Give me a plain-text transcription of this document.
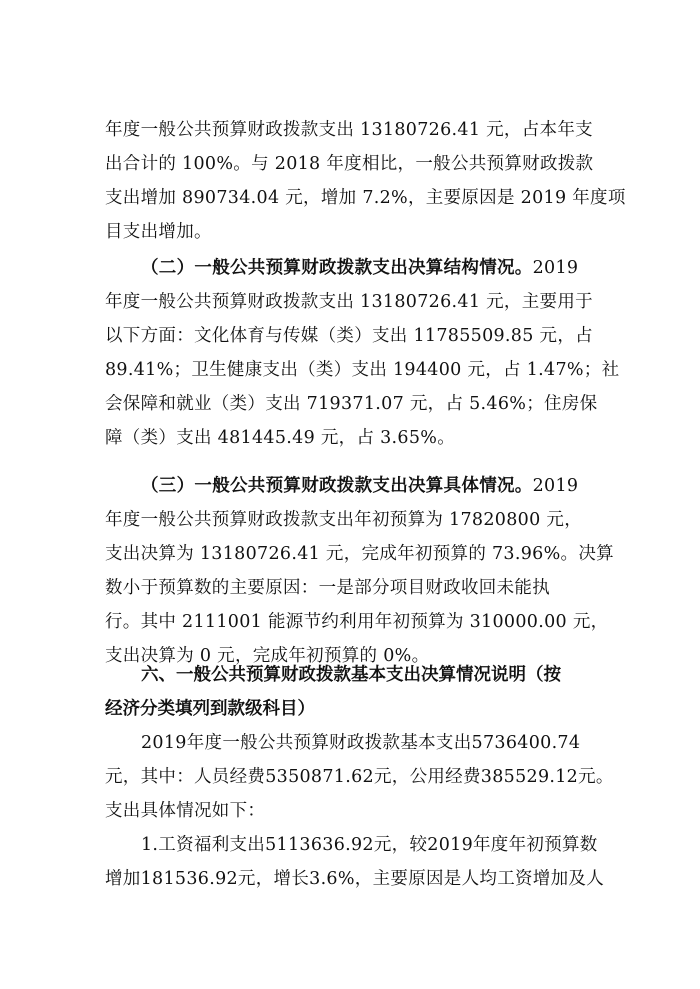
年度一般公共预算财政拨款支出 13180726.41 元，占本年支
出合计的 100%。与 2018 年度相比，一般公共预算财政拨款
支出增加 890734.04 元，增加 7.2%，主要原因是 2019 年度项
目支出增加。
（二）一般公共预算财政拨款支出决算结构情况。2019
年度一般公共预算财政拨款支出 13180726.41 元，主要用于
以下方面：文化体育与传媒（类）支出 11785509.85 元，占
89.41%；卫生健康支出（类）支出 194400 元，占 1.47%；社
会保障和就业（类）支出 719371.07 元，占 5.46%；住房保
障（类）支出 481445.49 元，占 3.65%。
（三）一般公共预算财政拨款支出决算具体情况。2019
年度一般公共预算财政拨款支出年初预算为 17820800 元，
支出决算为 13180726.41 元，完成年初预算的 73.96%。决算
数小于预算数的主要原因：一是部分项目财政收回未能执
行。其中 2111001 能源节约利用年初预算为 310000.00 元，
支出决算为 0 元，完成年初预算的 0%。
六、一般公共预算财政拨款基本支出决算情况说明（按
经济分类填列到款级科目）
2019年度一般公共预算财政拨款基本支出5736400.74
元，其中：人员经费5350871.62元，公用经费385529.12元。
支出具体情况如下：
1.工资福利支出5113636.92元，较2019年度年初预算数
增加181536.92元，增长3.6%，主要原因是人均工资增加及人
